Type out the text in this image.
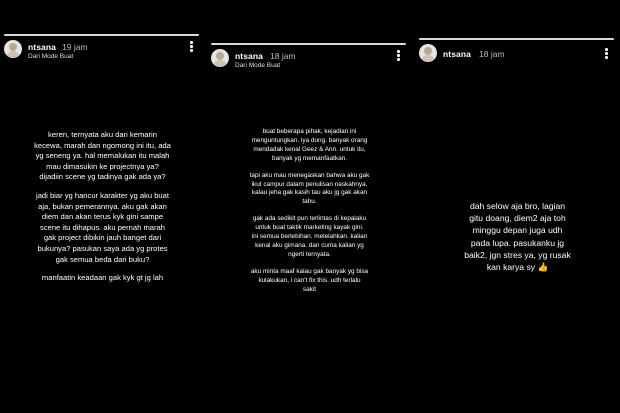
ntsana 19 jam
Dari Mode Buat

keren, ternyata aku dari kemarin
kecewa, marah dan ngomong ini itu, ada
yg seneng ya. hal memalukan itu malah
mau dimasukin ke projectnya ya?
dijadiin scene yg tadinya gak ada ya?

jadi biar yg hancur karakter yg aku buat
aja, bukan pemerannya. aku gak akan
diem dan akan terus kyk gini sampe
scene itu dihapus. aku pernah marah
gak project dibikin jauh banget dari
bukunya? pasukan saya ada yg protes
gak semua beda dari buku?

manfaatin keadaan gak kyk gt jg lah

ntsana 18 jam
Dari Mode Buat

buat beberapa pihak, kejadian ini
menguntungkan. iya dong. banyak orang
mendadak kenal Geez & Ann. untuk itu,
banyak yg memanfaatkan.

tapi aku mau menegaskan bahwa aku gak
ikut campur dalam penulisan naskahnya.
kalau jeha gak kasih tau aku jg gak akan
tahu.

gak ada sedikit pun terlintas di kepalaku
untuk buat taktik marketing kayak gini.
ini semua berlebihan. melelahkan. kalian
kenal aku gimana. dan cuma kalian yg
ngerti ternyata.

aku minta maaf kalau gak banyak yg bisa
kulakukan, i can't fix this. udh terlalu
sakit

ntsana 18 jam

dah selow aja bro, lagian
gitu doang, diem2 aja toh
minggu depan juga udh
pada lupa. pasukanku jg
baik2, jgn stres ya, yg rusak
kan karya sy 👍
